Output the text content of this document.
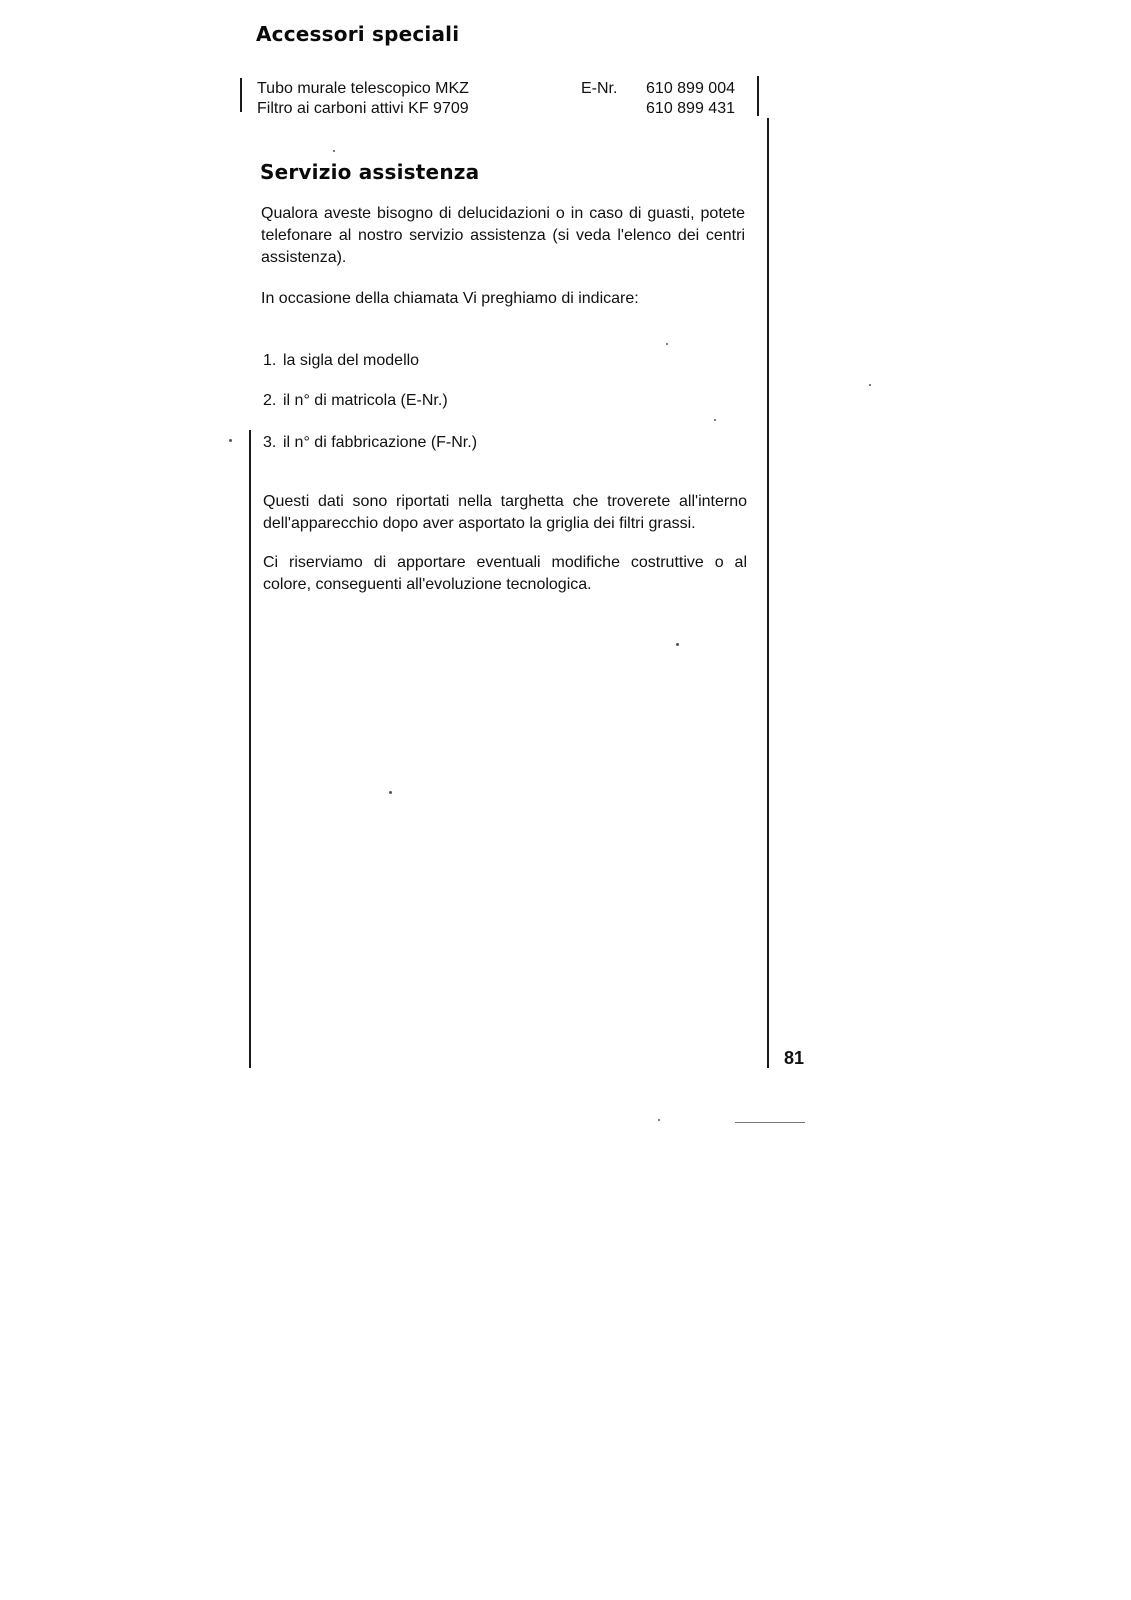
Accessori speciali
Tubo murale telescopico MKZ	E-Nr. 610 899 004
Filtro ai carboni attivi KF 9709	610 899 431
Servizio assistenza

Qualora aveste bisogno di delucidazioni o in caso di guasti, potete telefonare al nostro servizio assistenza (si veda l'elenco dei centri assistenza).

In occasione della chiamata Vi preghiamo di indicare:

1. la sigla del modello
2. il n° di matricola (E-Nr.)
3. il n° di fabbricazione (F-Nr.)

Questi dati sono riportati nella targhetta che troverete all'interno dell'apparecchio dopo aver asportato la griglia dei filtri grassi.

Ci riserviamo di apportare eventuali modifiche costruttive o al colore, conseguenti all'evoluzione tecnologica.

81
